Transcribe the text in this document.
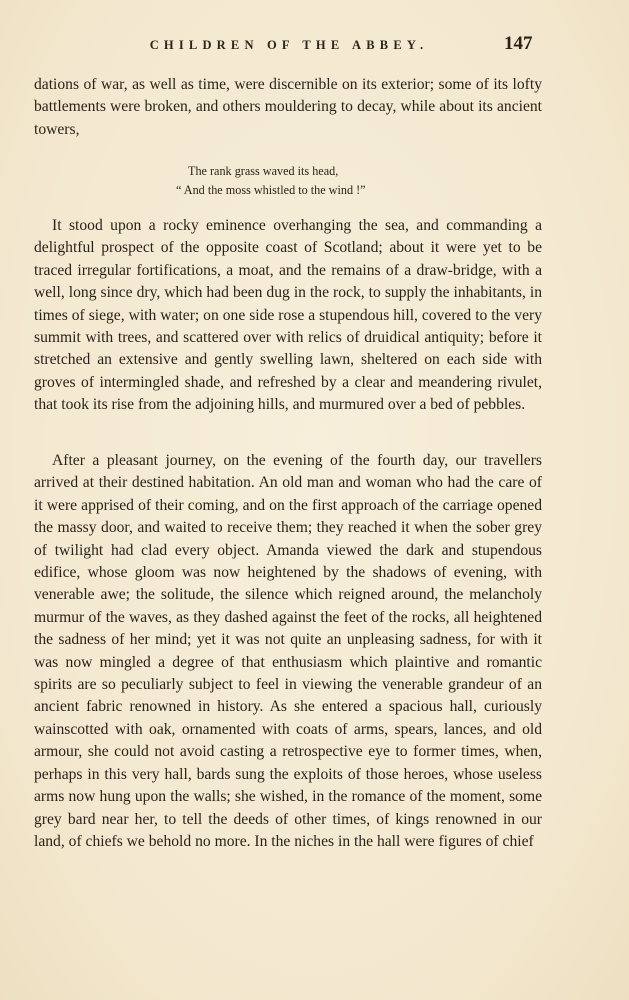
CHILDREN OF THE ABBEY.	147

dations of war, as well as time, were discernible on its exterior; some of its lofty battlements were broken, and others mouldering to decay, while about its ancient towers,

The rank grass waved its head,
“ And the moss whistled to the wind !”

It stood upon a rocky eminence overhanging the sea, and commanding a delightful prospect of the opposite coast of Scotland; about it were yet to be traced irregular fortifications, a moat, and the remains of a draw-bridge, with a well, long since dry, which had been dug in the rock, to supply the inhabitants, in times of siege, with water; on one side rose a stupendous hill, covered to the very summit with trees, and scattered over with relics of druidical antiquity; before it stretched an extensive and gently swelling lawn, sheltered on each side with groves of intermingled shade, and refreshed by a clear and meandering rivulet, that took its rise from the adjoining hills, and murmured over a bed of pebbles.

After a pleasant journey, on the evening of the fourth day, our travellers arrived at their destined habitation. An old man and woman who had the care of it were apprised of their coming, and on the first approach of the carriage opened the massy door, and waited to receive them; they reached it when the sober grey of twilight had clad every object. Amanda viewed the dark and stupendous edifice, whose gloom was now heightened by the shadows of evening, with venerable awe; the solitude, the silence which reigned around, the melancholy murmur of the waves, as they dashed against the feet of the rocks, all heightened the sadness of her mind; yet it was not quite an unpleasing sadness, for with it was now mingled a degree of that enthusiasm which plaintive and romantic spirits are so peculiarly subject to feel in viewing the venerable grandeur of an ancient fabric renowned in history. As she entered a spacious hall, curiously wainscotted with oak, ornamented with coats of arms, spears, lances, and old armour, she could not avoid casting a retrospective eye to former times, when, perhaps in this very hall, bards sung the exploits of those heroes, whose useless arms now hung upon the walls; she wished, in the romance of the moment, some grey bard near her, to tell the deeds of other times, of kings renowned in our land, of chiefs we behold no more. In the niches in the hall were figures of chief
